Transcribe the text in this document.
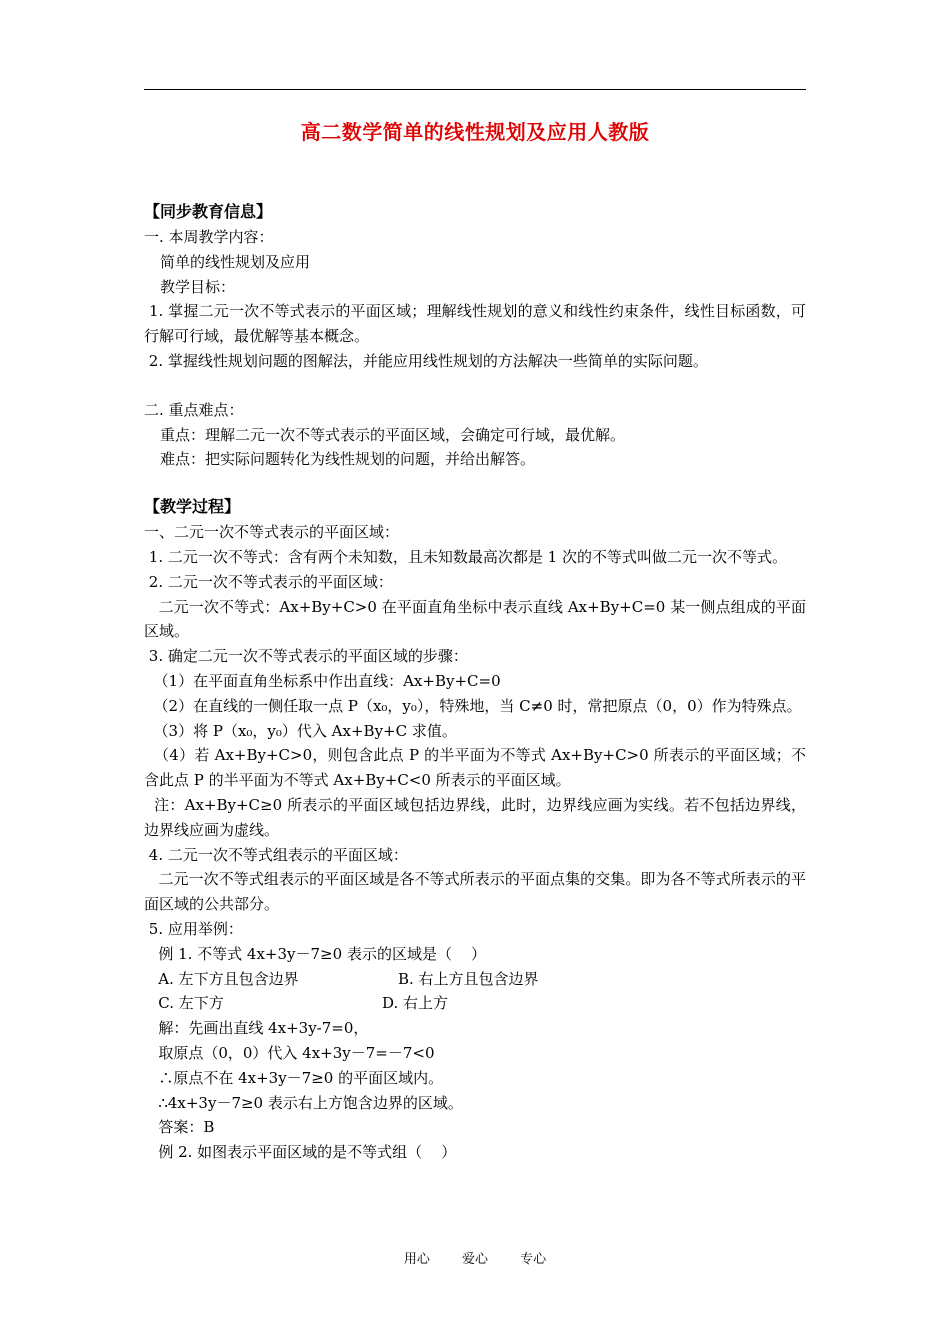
高二数学简单的线性规划及应用人教版

【同步教育信息】

一. 本周教学内容：

简单的线性规划及应用

教学目标：

1. 掌握二元一次不等式表示的平面区域；理解线性规划的意义和线性约束条件，线性目标函数，可行解可行域，最优解等基本概念。

2. 掌握线性规划问题的图解法，并能应用线性规划的方法解决一些简单的实际问题。

二. 重点难点：

重点：理解二元一次不等式表示的平面区域，会确定可行域，最优解。

难点：把实际问题转化为线性规划的问题，并给出解答。

【教学过程】

一、二元一次不等式表示的平面区域：

1. 二元一次不等式：含有两个未知数，且未知数最高次都是 1 次的不等式叫做二元一次不等式。

2. 二元一次不等式表示的平面区域：

二元一次不等式：Ax+By+C>0 在平面直角坐标中表示直线 Ax+By+C=0 某一侧点组成的平面区域。

3. 确定二元一次不等式表示的平面区域的步骤：

（1）在平面直角坐标系中作出直线：Ax+By+C=0

（2）在直线的一侧任取一点 P（x₀，y₀），特殊地，当 C≠0 时，常把原点（0，0）作为特殊点。

（3）将 P（x₀，y₀）代入 Ax+By+C 求值。

（4）若 Ax+By+C>0，则包含此点 P 的半平面为不等式 Ax+By+C>0 所表示的平面区域；不含此点 P 的半平面为不等式 Ax+By+C<0 所表示的平面区域。

注：Ax+By+C≥0 所表示的平面区域包括边界线，此时，边界线应画为实线。若不包括边界线，边界线应画为虚线。

4. 二元一次不等式组表示的平面区域：

二元一次不等式组表示的平面区域是各不等式所表示的平面点集的交集。即为各不等式所表示的平面区域的公共部分。

5. 应用举例：

例 1. 不等式 4x+3y－7≥0 表示的区域是（    ）

A. 左下方且包含边界	B. 右上方且包含边界
C. 左下方	D. 右上方

解：先画出直线 4x+3y-7=0，

取原点（0，0）代入 4x+3y－7=－7<0

∴原点不在 4x+3y－7≥0 的平面区域内。

∴4x+3y－7≥0 表示右上方饱含边界的区域。

答案：B

例 2. 如图表示平面区域的是不等式组（    ）

用心 爱心 专心
